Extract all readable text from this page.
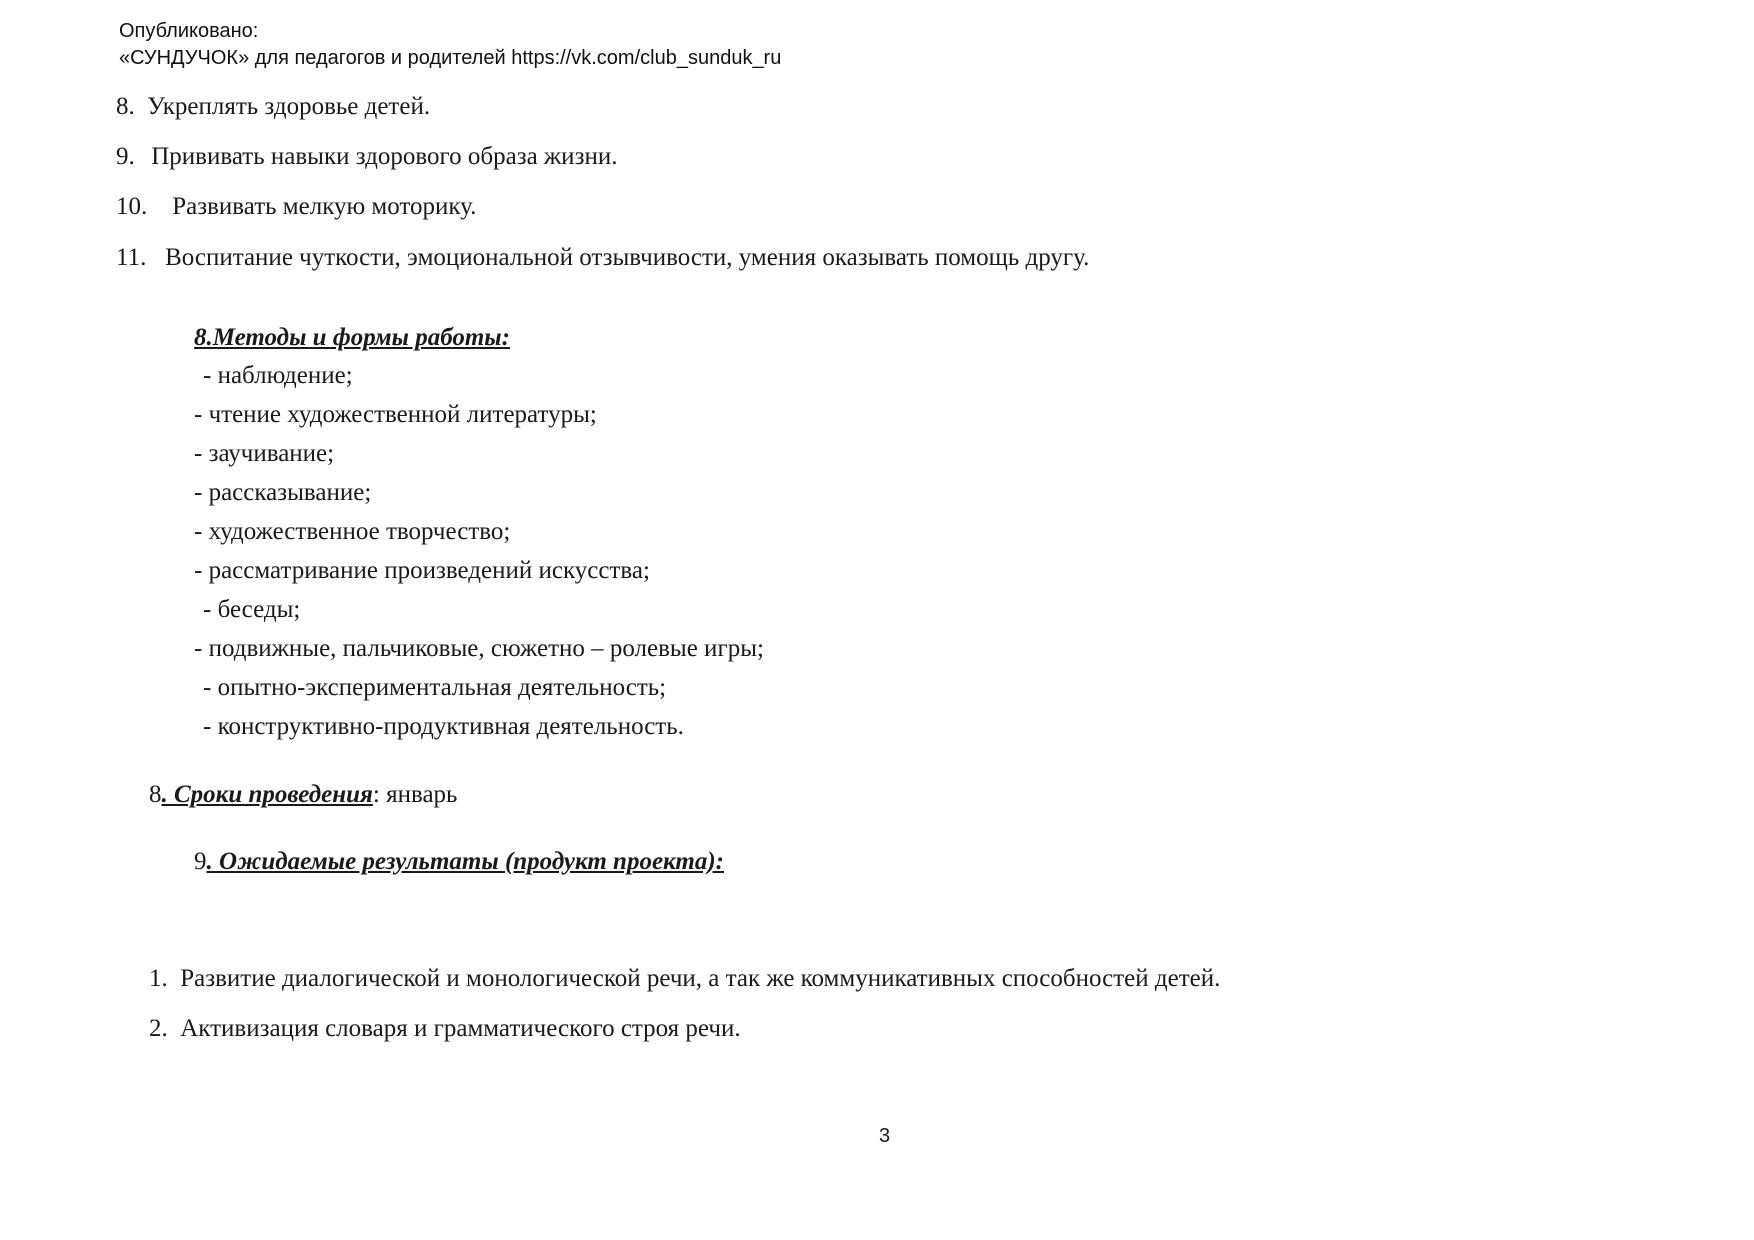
Опубликовано:
«СУНДУЧОК» для педагогов и родителей https://vk.com/club_sunduk_ru
8. Укреплять здоровье детей.
9. Прививать навыки здорового образа жизни.
10. Развивать мелкую моторику.
11. Воспитание чуткости, эмоциональной отзывчивости, умения оказывать помощь другу.
8.Методы и формы работы:
- наблюдение;
- чтение художественной литературы;
- заучивание;
- рассказывание;
- художественное творчество;
- рассматривание произведений искусства;
- беседы;
- подвижные, пальчиковые, сюжетно – ролевые игры;
- опытно-экспериментальная деятельность;
- конструктивно-продуктивная деятельность.
8. Сроки проведения: январь
9. Ожидаемые результаты (продукт проекта):
1. Развитие диалогической и монологической речи, а так же коммуникативных способностей детей.
2. Активизация словаря и грамматического строя речи.
3
